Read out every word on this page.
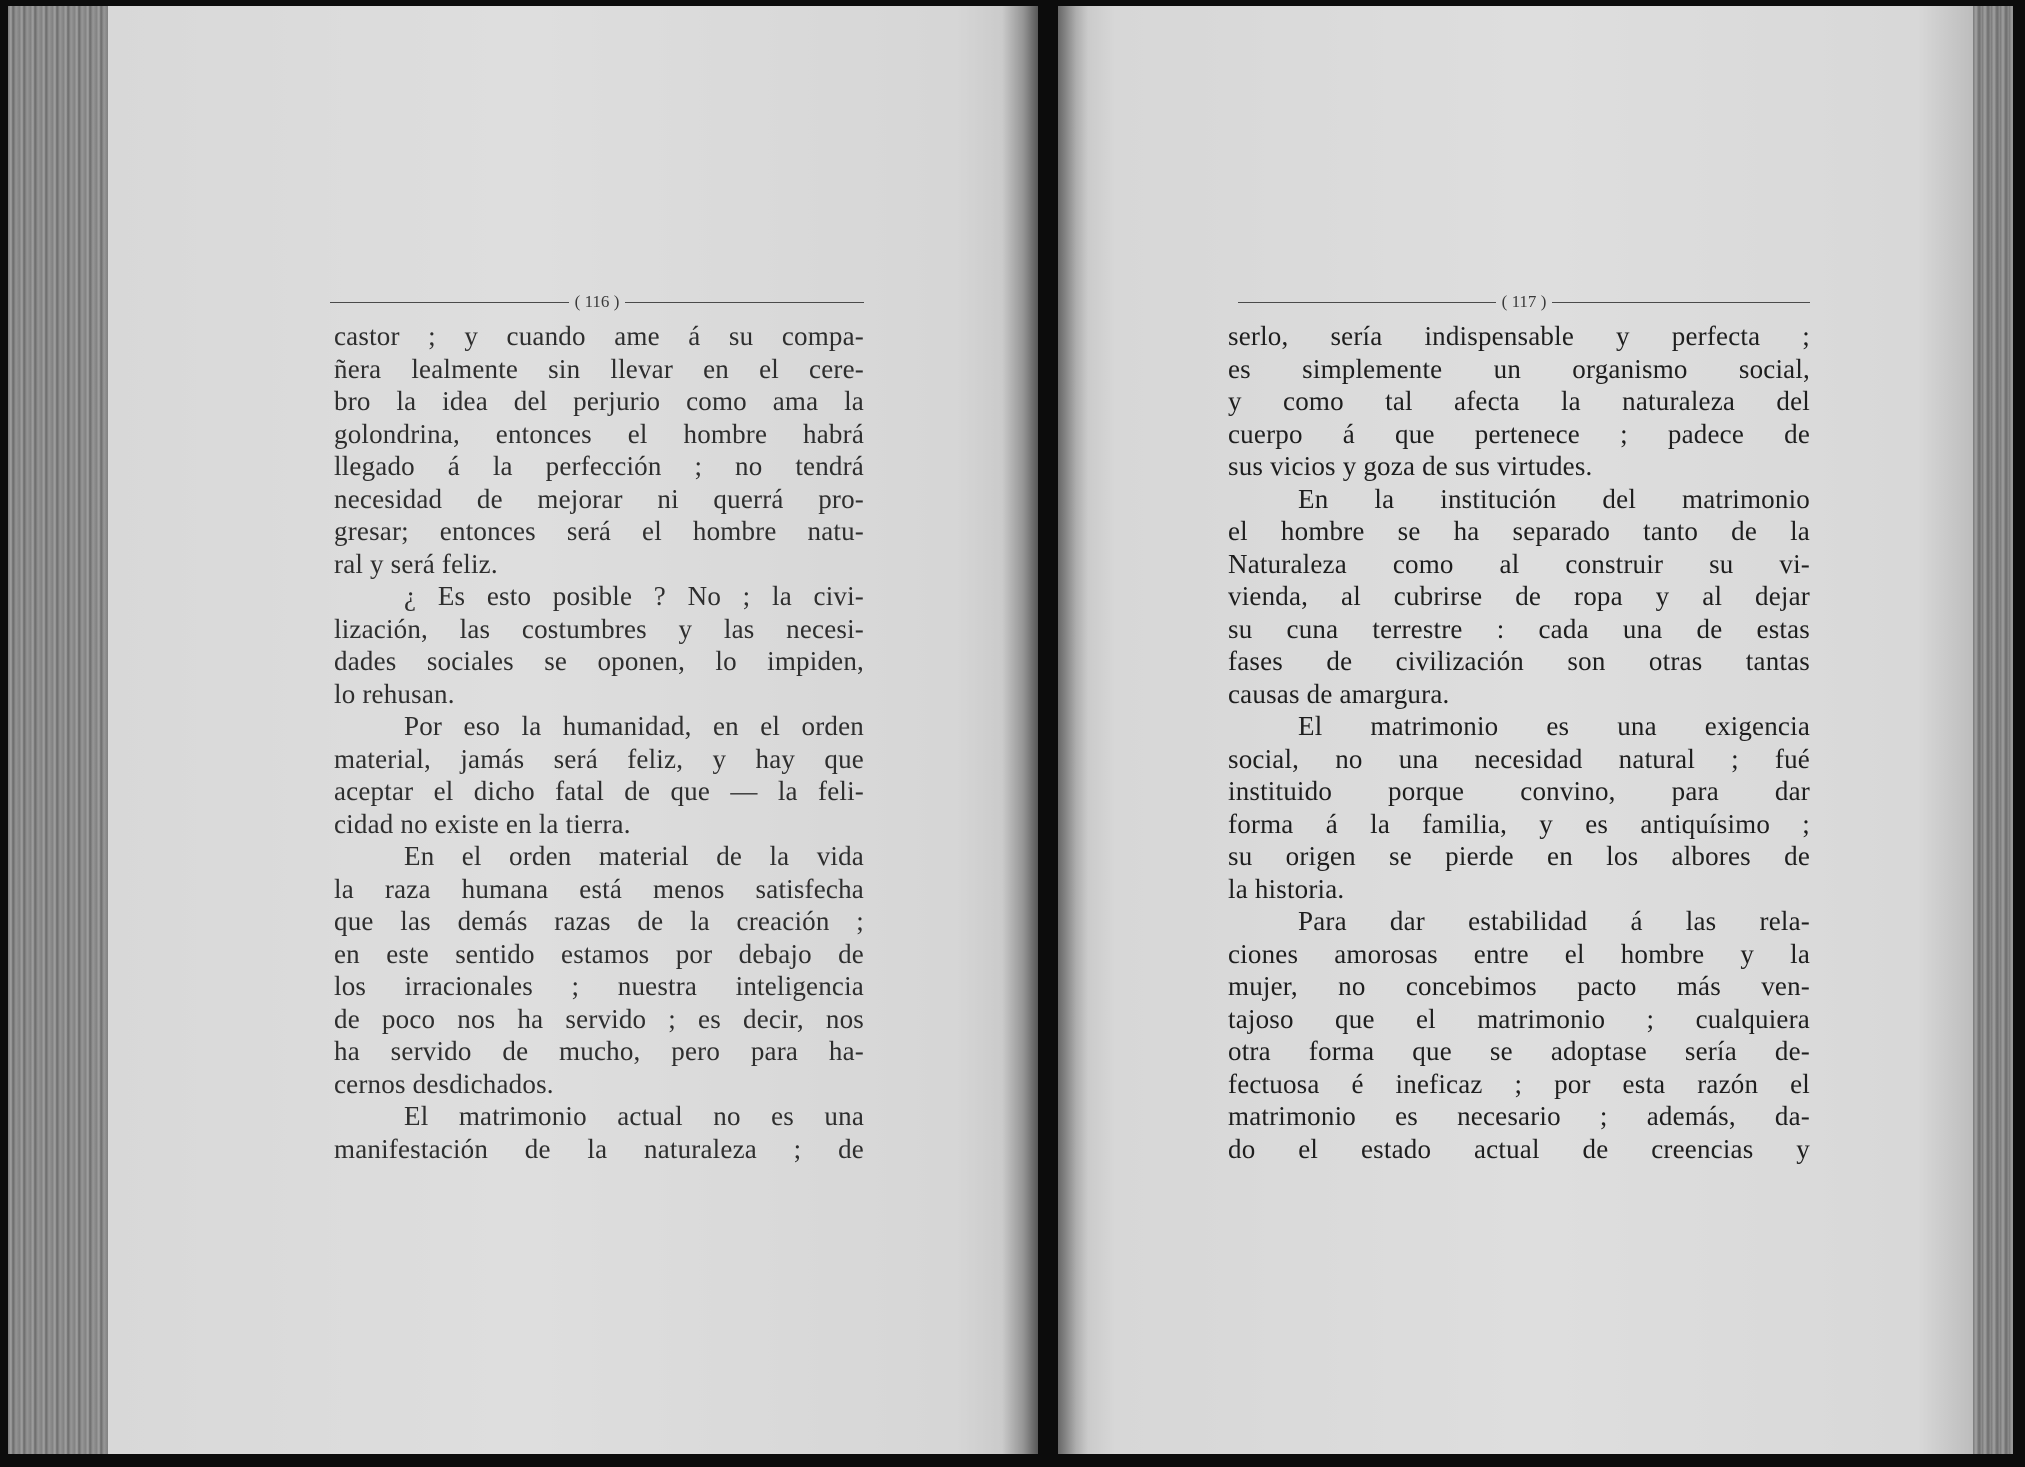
( 116 )
castor ; y cuando ame á su compa-
ñera lealmente sin llevar en el cere-
bro la idea del perjurio como ama la
golondrina, entonces el hombre habrá
llegado á la perfección ; no tendrá
necesidad de mejorar ni querrá pro-
gresar; entonces será el hombre natu-
ral y será feliz.
¿ Es esto posible ? No ; la civi-
lización, las costumbres y las necesi-
dades sociales se oponen, lo impiden,
lo rehusan.
Por eso la humanidad, en el orden
material, jamás será feliz, y hay que
aceptar el dicho fatal de que — la feli-
cidad no existe en la tierra.
En el orden material de la vida
la raza humana está menos satisfecha
que las demás razas de la creación ;
en este sentido estamos por debajo de
los irracionales ; nuestra inteligencia
de poco nos ha servido ; es decir, nos
ha servido de mucho, pero para ha-
cernos desdichados.
El matrimonio actual no es una
manifestación de la naturaleza ; de
( 117 )
serlo, sería indispensable y perfecta ;
es simplemente un organismo social,
y como tal afecta la naturaleza del
cuerpo á que pertenece ; padece de
sus vicios y goza de sus virtudes.
En la institución del matrimonio
el hombre se ha separado tanto de la
Naturaleza como al construir su vi-
vienda, al cubrirse de ropa y al dejar
su cuna terrestre : cada una de estas
fases de civilización son otras tantas
causas de amargura.
El matrimonio es una exigencia
social, no una necesidad natural ; fué
instituido porque convino, para dar
forma á la familia, y es antiquísimo ;
su origen se pierde en los albores de
la historia.
Para dar estabilidad á las rela-
ciones amorosas entre el hombre y la
mujer, no concebimos pacto más ven-
tajoso que el matrimonio ; cualquiera
otra forma que se adoptase sería de-
fectuosa é ineficaz ; por esta razón el
matrimonio es necesario ; además, da-
do el estado actual de creencias y
